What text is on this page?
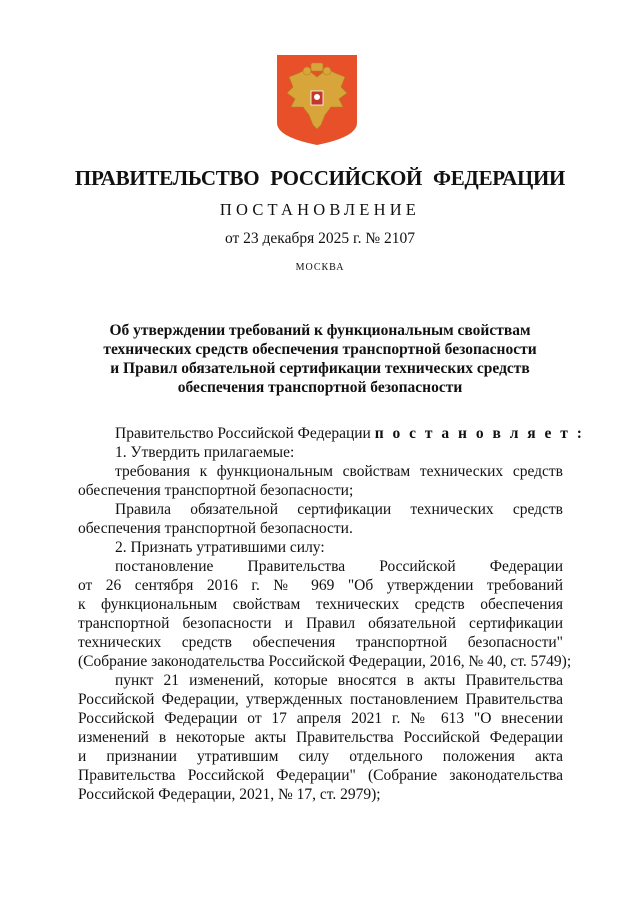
ПРАВИТЕЛЬСТВО РОССИЙСКОЙ ФЕДЕРАЦИИ
ПОСТАНОВЛЕНИЕ
от 23 декабря 2025 г. № 2107
МОСКВА
Об утверждении требований к функциональным свойствам
технических средств обеспечения транспортной безопасности
и Правил обязательной сертификации технических средств
обеспечения транспортной безопасности
Правительство Российской Федерации п о с т а н о в л я е т :
1. Утвердить прилагаемые:
требования к функциональным свойствам технических средств
обеспечения транспортной безопасности;
Правила обязательной сертификации технических средств
обеспечения транспортной безопасности.
2. Признать утратившими силу:
постановление Правительства Российской Федерации
от 26 сентября 2016 г. № 969 "Об утверждении требований
к функциональным свойствам технических средств обеспечения
транспортной безопасности и Правил обязательной сертификации
технических средств обеспечения транспортной безопасности"
(Собрание законодательства Российской Федерации, 2016, № 40, ст. 5749);
пункт 21 изменений, которые вносятся в акты Правительства
Российской Федерации, утвержденных постановлением Правительства
Российской Федерации от 17 апреля 2021 г. № 613 "О внесении
изменений в некоторые акты Правительства Российской Федерации
и признании утратившим силу отдельного положения акта
Правительства Российской Федерации" (Собрание законодательства
Российской Федерации, 2021, № 17, ст. 2979);
